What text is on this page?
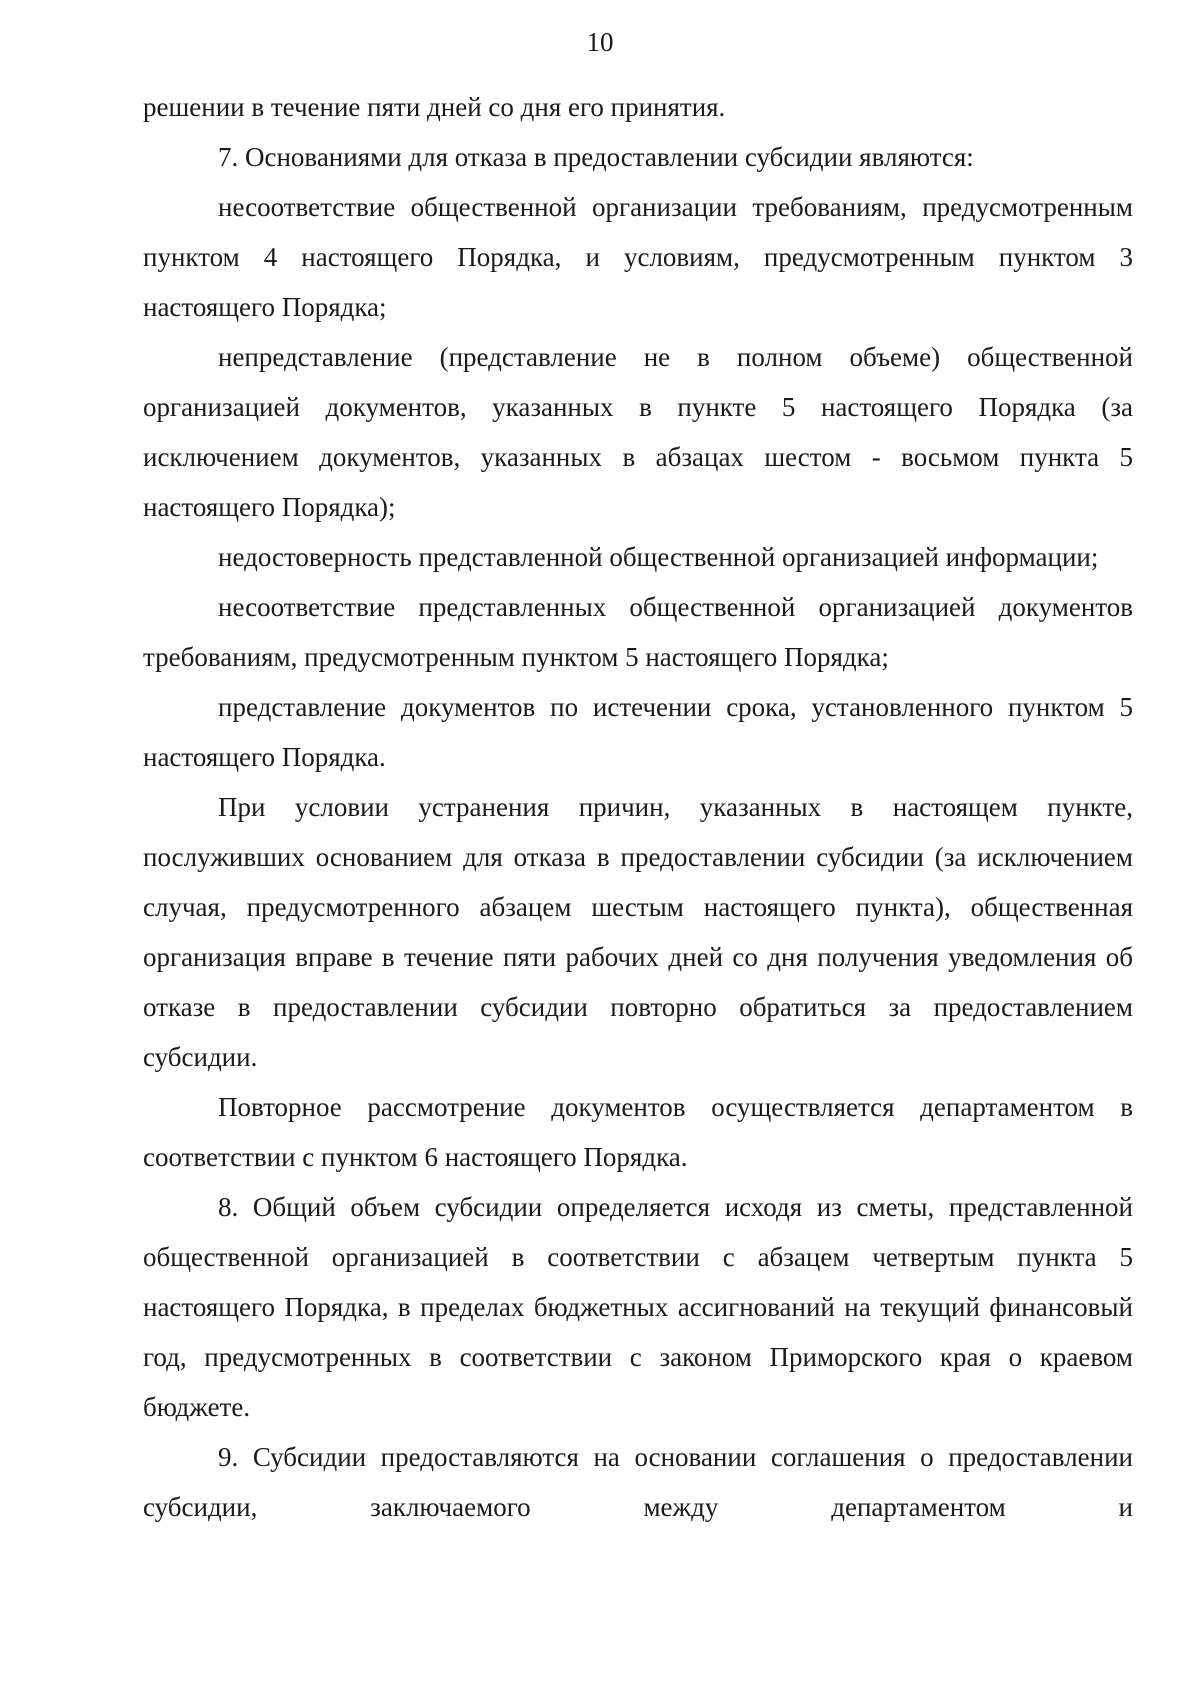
10

решении в течение пяти дней со дня его принятия.

7. Основаниями для отказа в предоставлении субсидии являются:

несоответствие общественной организации требованиям, предусмотренным пунктом 4 настоящего Порядка, и условиям, предусмотренным пунктом 3 настоящего Порядка;

непредставление (представление не в полном объеме) общественной организацией документов, указанных в пункте 5 настоящего Порядка (за исключением документов, указанных в абзацах шестом - восьмом пункта 5 настоящего Порядка);

недостоверность представленной общественной организацией информации;

несоответствие представленных общественной организацией документов требованиям, предусмотренным пунктом 5 настоящего Порядка;

представление документов по истечении срока, установленного пунктом 5 настоящего Порядка.

При условии устранения причин, указанных в настоящем пункте, послуживших основанием для отказа в предоставлении субсидии (за исключением случая, предусмотренного абзацем шестым настоящего пункта), общественная организация вправе в течение пяти рабочих дней со дня получения уведомления об отказе в предоставлении субсидии повторно обратиться за предоставлением субсидии.

Повторное рассмотрение документов осуществляется департаментом в соответствии с пунктом 6 настоящего Порядка.

8. Общий объем субсидии определяется исходя из сметы, представленной общественной организацией в соответствии с абзацем четвертым пункта 5 настоящего Порядка, в пределах бюджетных ассигнований на текущий финансовый год, предусмотренных в соответствии с законом Приморского края о краевом бюджете.

9. Субсидии предоставляются на основании соглашения о предоставлении субсидии, заключаемого между департаментом и
